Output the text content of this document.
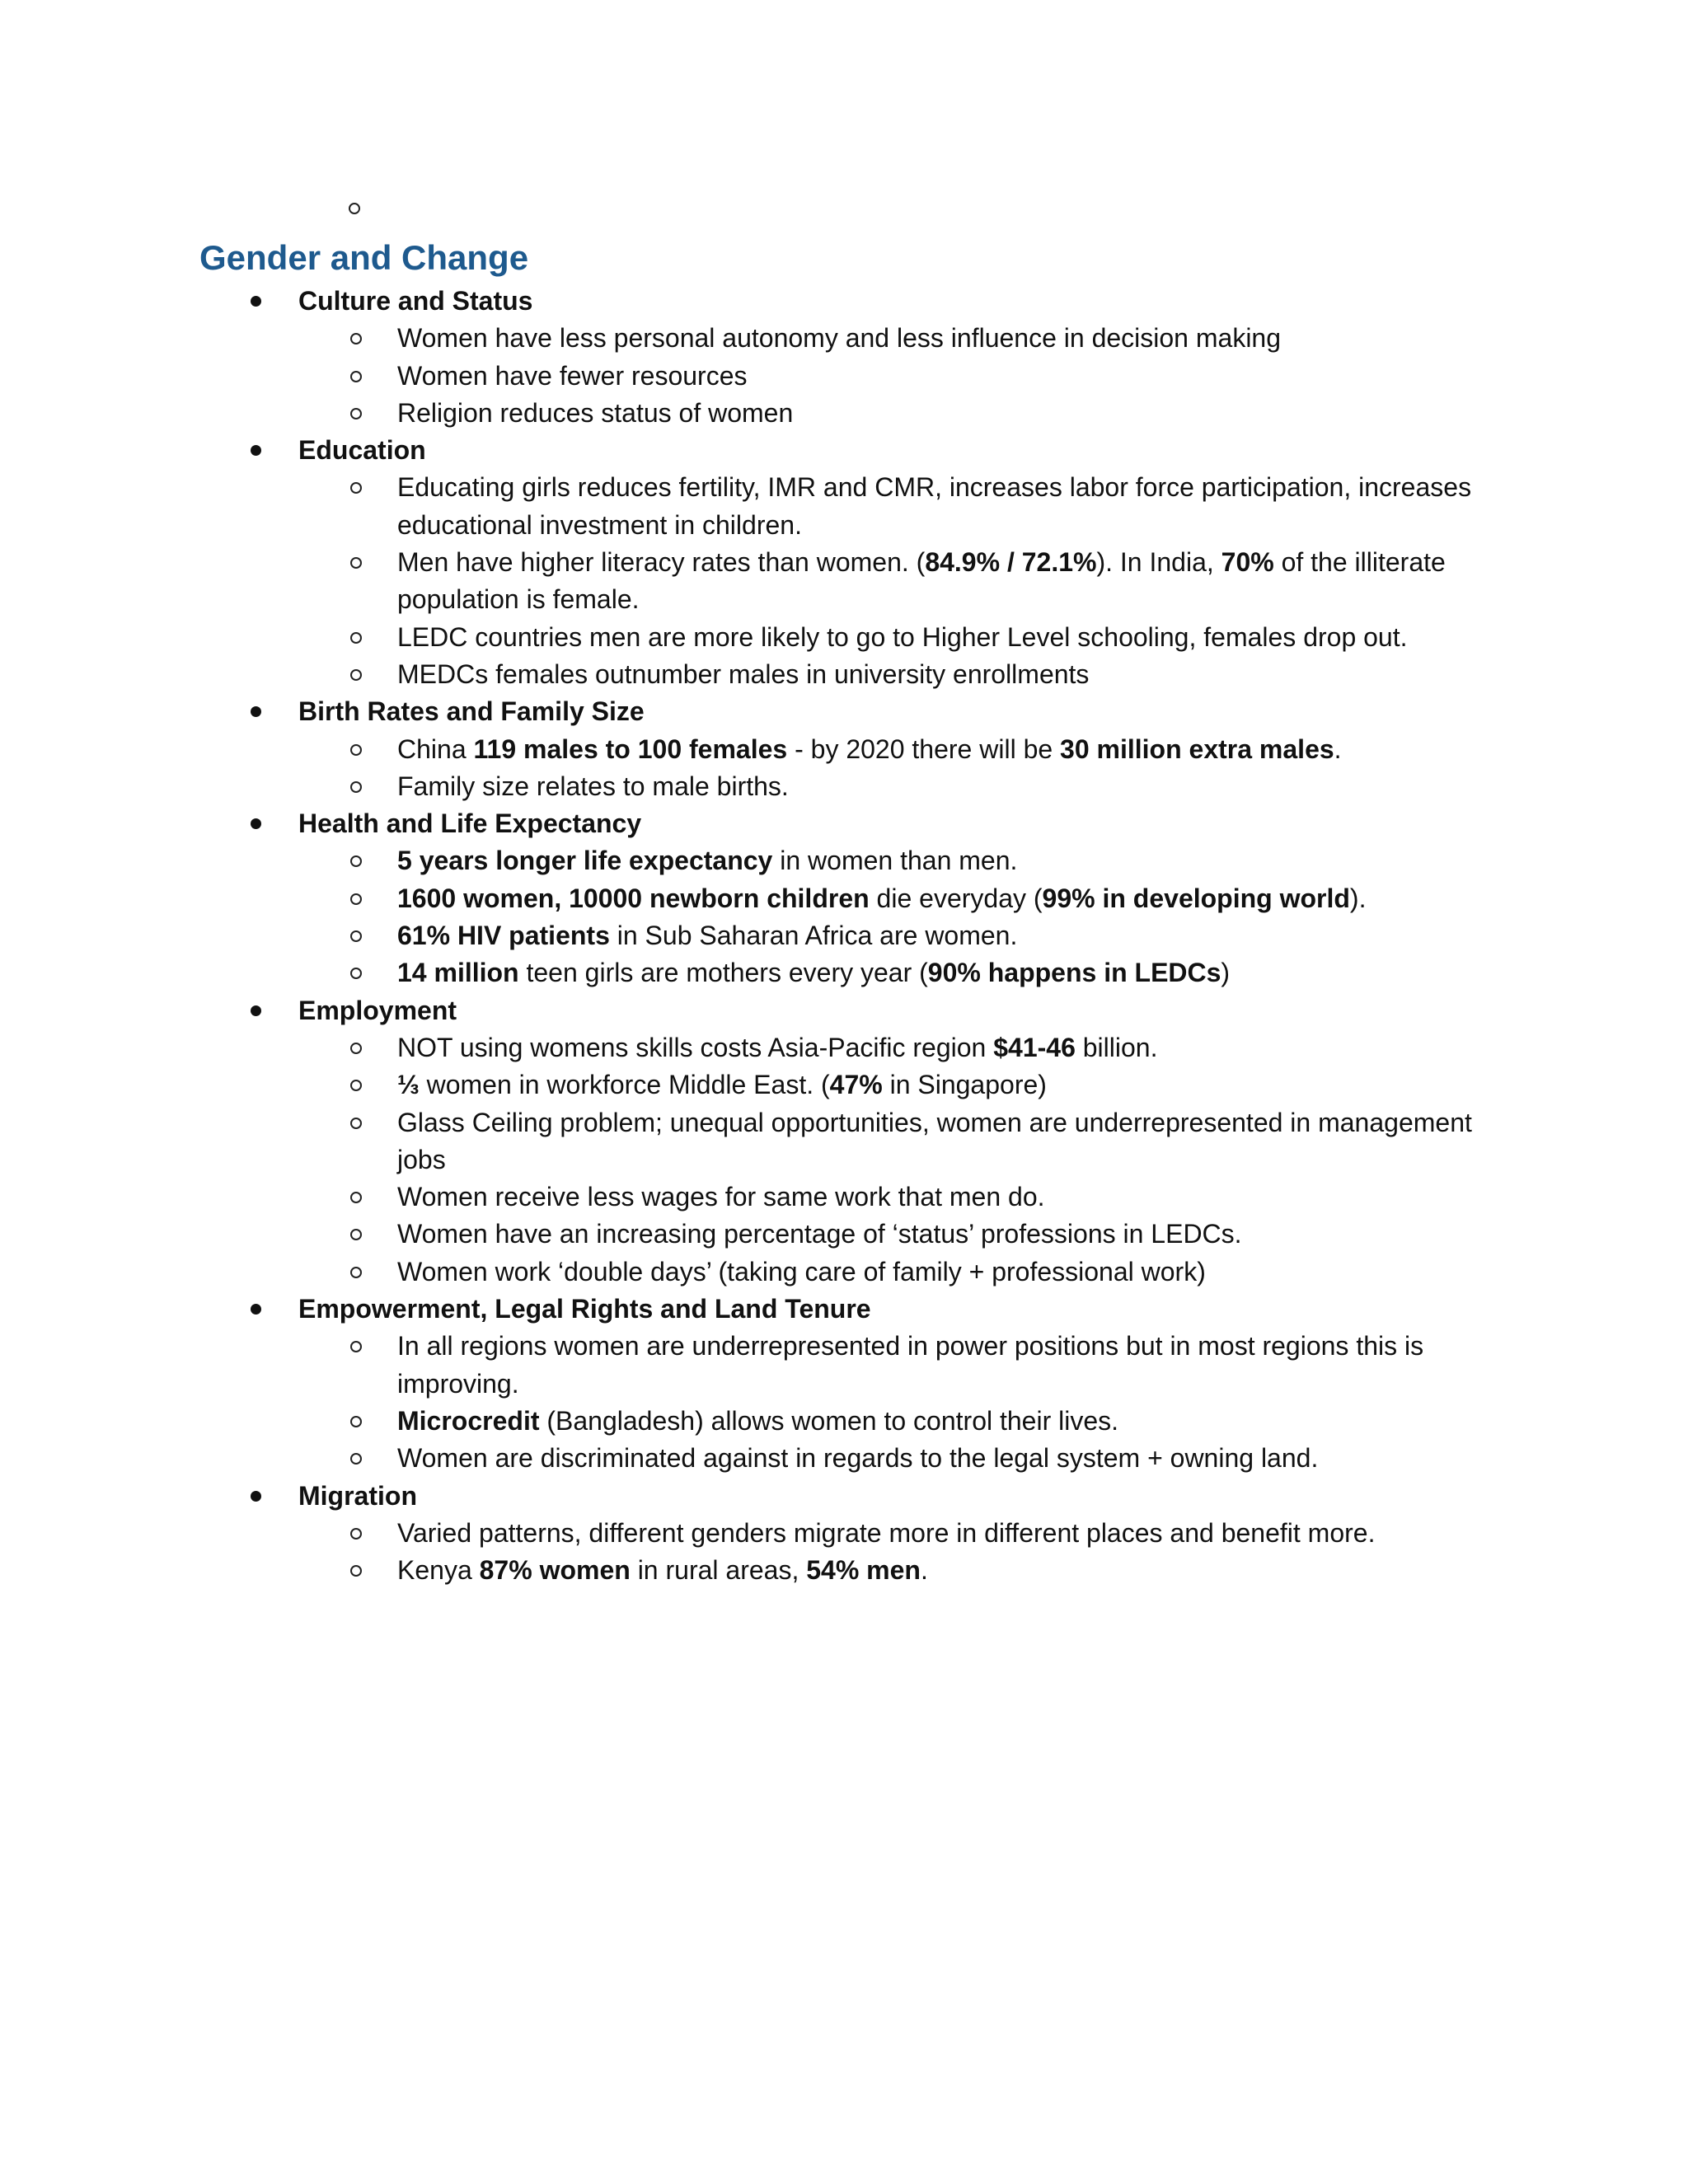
Gender and Change
Culture and Status
Women have less personal autonomy and less influence in decision making
Women have fewer resources
Religion reduces status of women
Education
Educating girls reduces fertility, IMR and CMR, increases labor force participation, increases educational investment in children.
Men have higher literacy rates than women. (84.9% / 72.1%). In India, 70% of the illiterate population is female.
LEDC countries men are more likely to go to Higher Level schooling, females drop out.
MEDCs females outnumber males in university enrollments
Birth Rates and Family Size
China 119 males to 100 females - by 2020 there will be 30 million extra males.
Family size relates to male births.
Health and Life Expectancy
5 years longer life expectancy in women than men.
1600 women, 10000 newborn children die everyday (99% in developing world).
61% HIV patients in Sub Saharan Africa are women.
14 million teen girls are mothers every year (90% happens in LEDCs)
Employment
NOT using womens skills costs Asia-Pacific region $41-46 billion.
⅓ women in workforce Middle East. (47% in Singapore)
Glass Ceiling problem; unequal opportunities, women are underrepresented in management jobs
Women receive less wages for same work that men do.
Women have an increasing percentage of ‘status’ professions in LEDCs.
Women work ‘double days’ (taking care of family + professional work)
Empowerment, Legal Rights and Land Tenure
In all regions women are underrepresented in power positions but in most regions this is improving.
Microcredit (Bangladesh) allows women to control their lives.
Women are discriminated against in regards to the legal system + owning land.
Migration
Varied patterns, different genders migrate more in different places and benefit more.
Kenya 87% women in rural areas, 54% men.
